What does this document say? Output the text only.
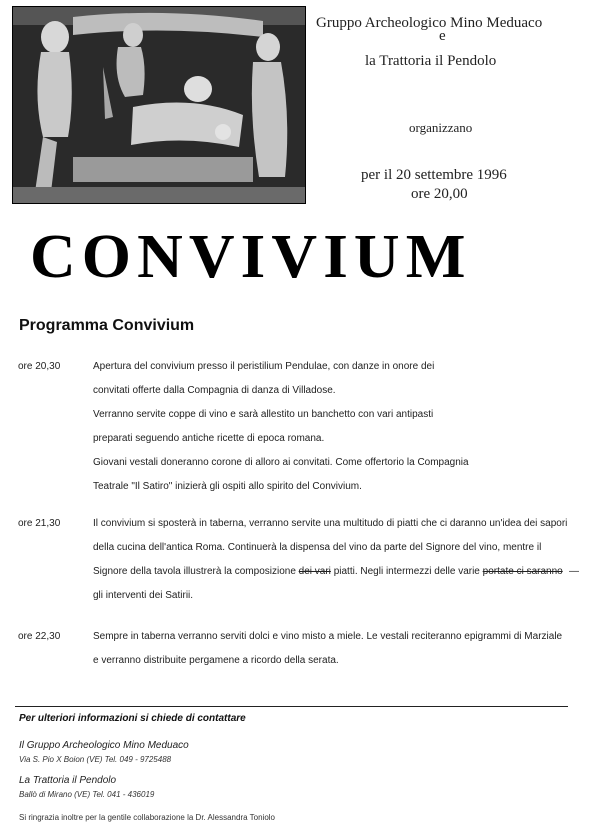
Gruppo Archeologico Mino Meduaco
e
la Trattoria il Pendolo
organizzano
per il 20 settembre 1996
ore 20,00
CONVIVIUM
Programma Convivium
ore 20,30	Apertura del convivium presso il peristilium Pendulae, con danze in onore dei

convitati offerte dalla Compagnia di danza di Villadose.

Verranno servite coppe di vino e sarà allestito un banchetto con vari antipasti

preparati seguendo antiche ricette di epoca romana.

Giovani vestali doneranno corone di alloro ai convitati. Come offertorio la Compagnia

Teatrale "Il Satiro" inizierà gli ospiti allo spirito del Convivium.

ore 21,30	Il convivium si sposterà in taberna, verranno servite una multitudo di piatti che ci daranno un'idea dei sapori

della cucina dell'antica Roma. Continuerà la dispensa del vino da parte del Signore del vino, mentre il

Signore della tavola illustrerà la composizione dei vari piatti. Negli intermezzi delle varie portate ci saranno

gli interventi dei Satirii.

—
ore 22,30	Sempre in taberna verranno serviti dolci e vino misto a miele. Le vestali reciteranno epigrammi di Marziale

e verranno distribuite pergamene a ricordo della serata.

Per ulteriori informazioni si chiede di contattare
Il Gruppo Archeologico Mino Meduaco
Via S. Pio X Boion (VE) Tel. 049 - 9725488
La Trattoria il Pendolo
Ballò di Mirano (VE) Tel. 041 - 436019
Si ringrazia inoltre per la gentile collaborazione la Dr. Alessandra Toniolo
